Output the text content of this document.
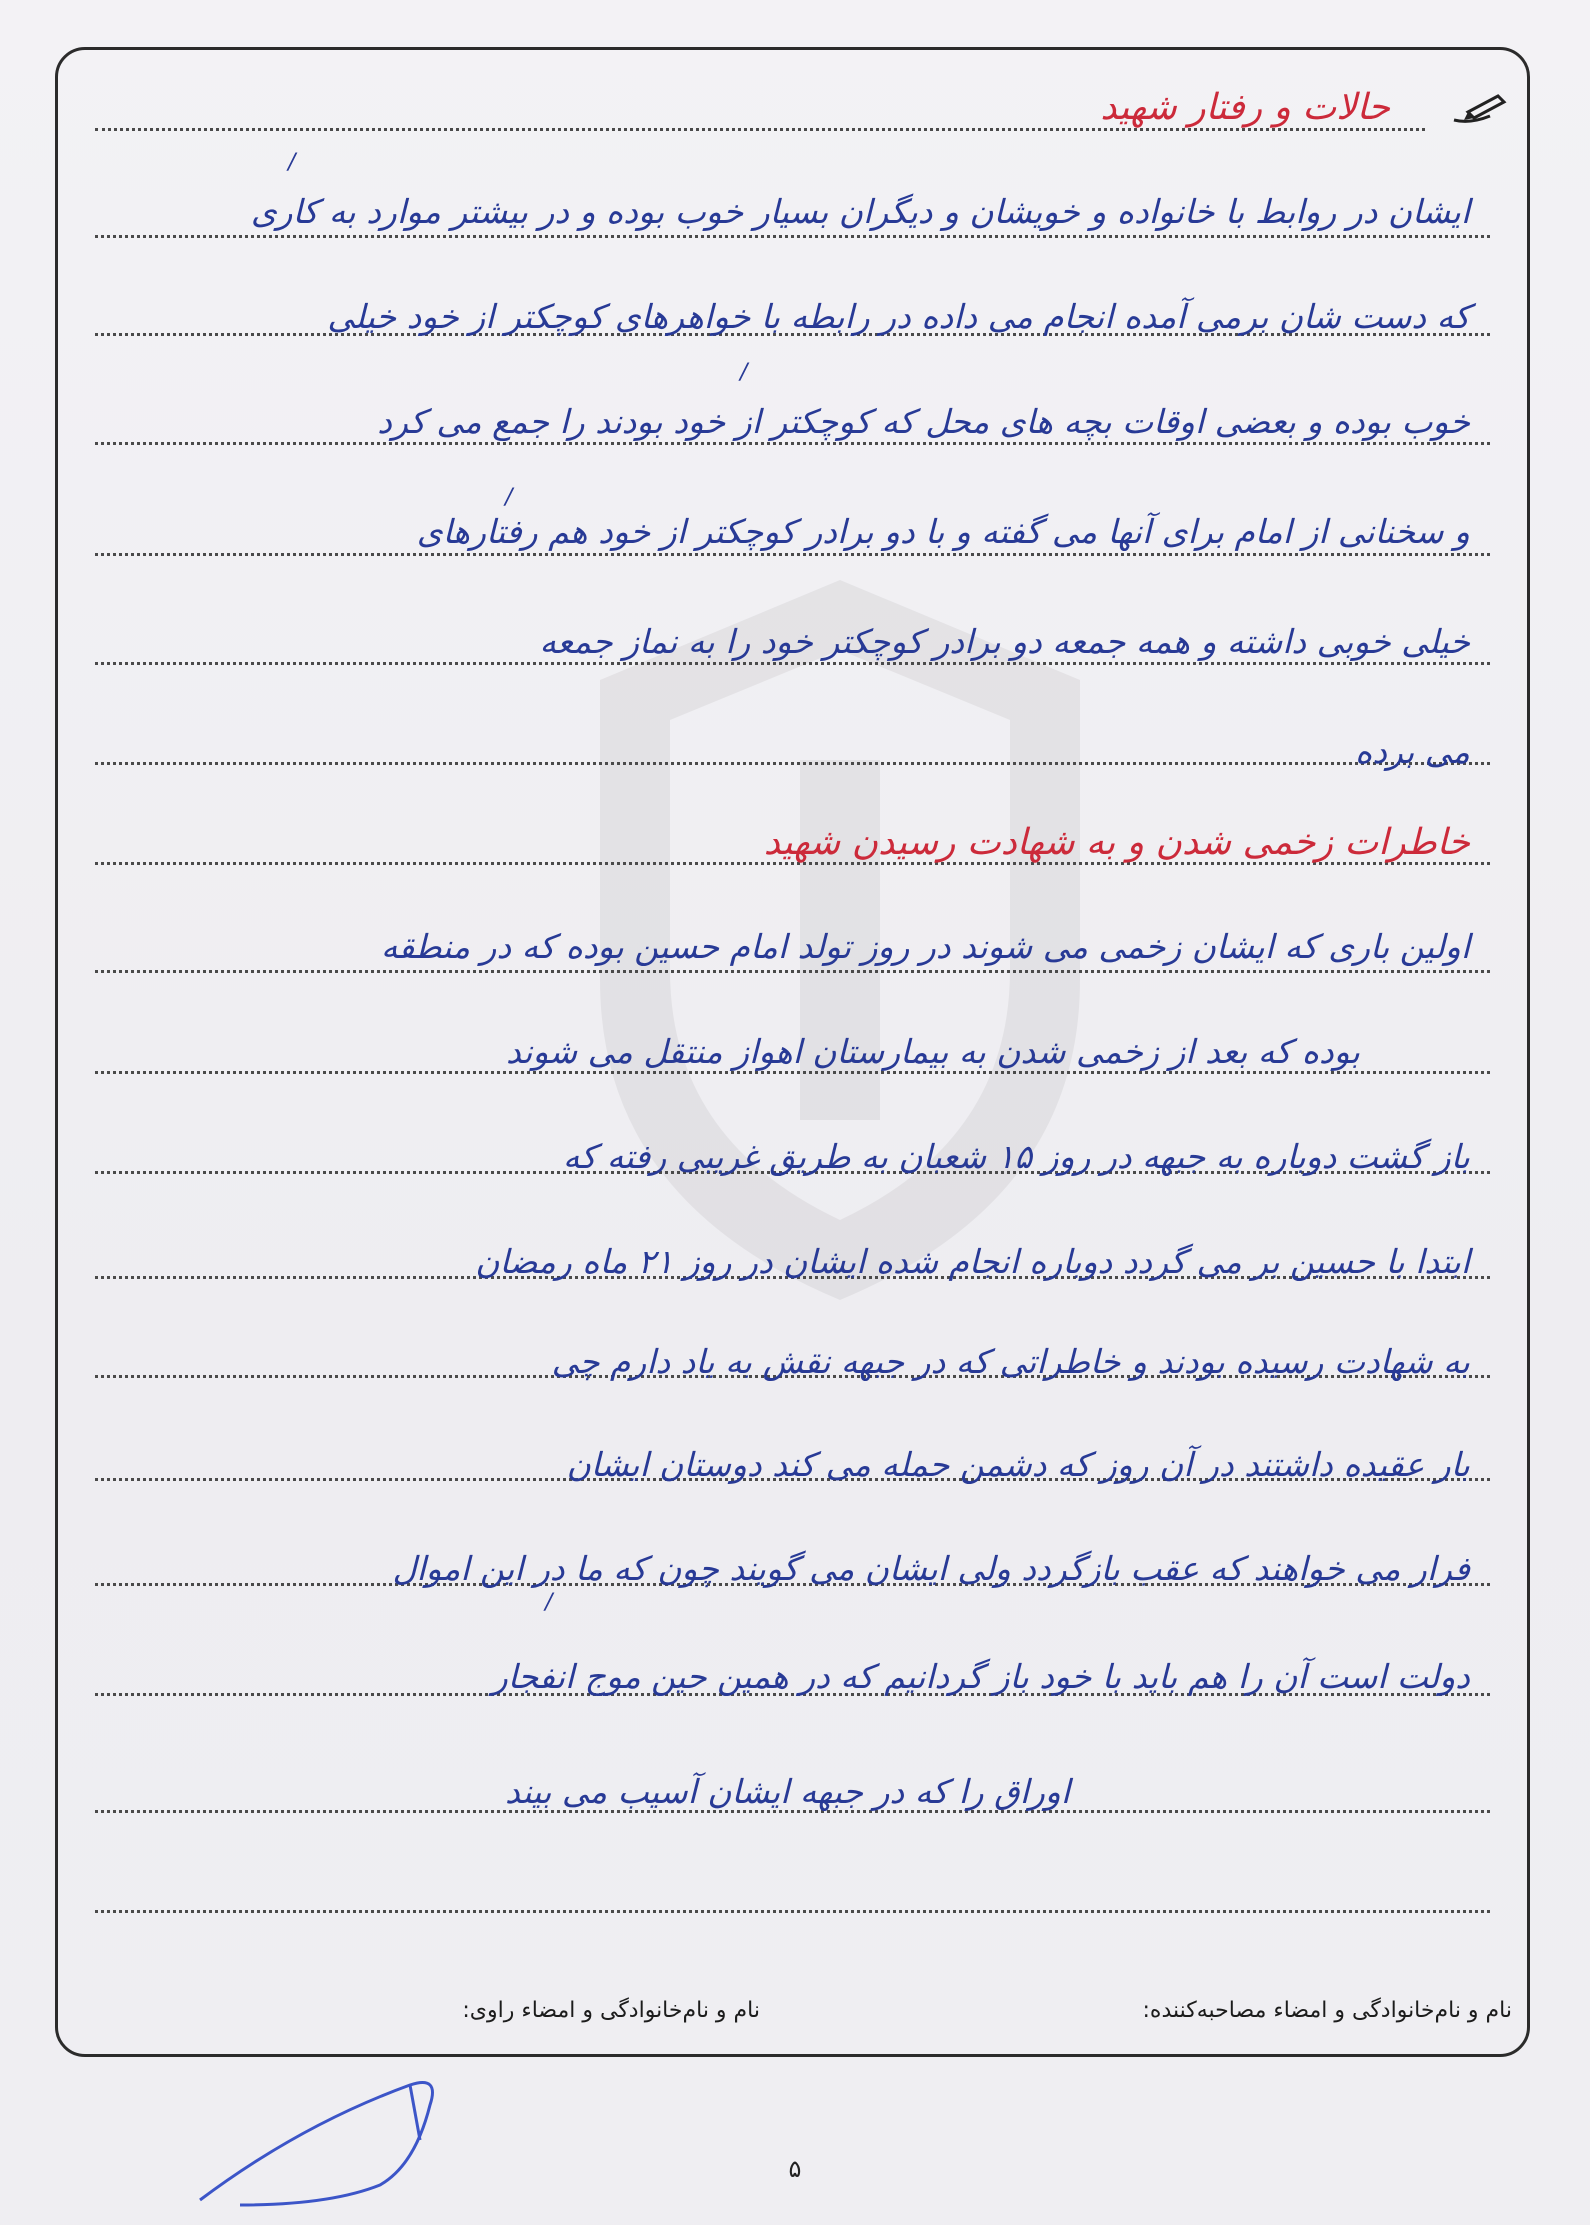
حالات و رفتار شهید
ایشان در روابط با خانواده و خویشان و دیگران بسیار خوب بوده و در بیشتر موارد به کاری
که دست شان برمی آمده انجام می داده در رابطه با خواهرهای کوچکتر از خود خیلی
خوب بوده و بعضی اوقات بچه های محل که کوچکتر از خود بودند را جمع می کرد
و سخنانی از امام برای آنها می گفته و با دو برادر کوچکتر از خود هم رفتارهای
خیلی خوبی داشته و همه جمعه دو برادر کوچکتر خود را به نماز جمعه
می برده
خاطرات زخمی شدن و به شهادت رسیدن شهید
اولین باری که ایشان زخمی می شوند در روز تولد امام حسین بوده که در منطقه
بوده که بعد از زخمی شدن به بیمارستان اهواز منتقل می شوند
باز گشت دوباره به جبهه در روز ۱۵ شعبان به طریق غریبی رفته که
ابتدا با حسین بر می گردد دوباره انجام شده ایشان در روز ۲۱ ماه رمضان
به شهادت رسیده بودند و خاطراتی که در جبهه نقش به یاد دارم چی
بار عقیده داشتند در آن روز که دشمن حمله می کند دوستان ایشان
فرار می خواهند که عقب بازگردد ولی ایشان می گویند چون که ما در این اموال
دولت است آن را هم باید با خود باز گردانیم که در همین حین موج انفجار
اوراق را که در جبهه ایشان آسیب می بیند
/
/
/
/
نام و نام‌خانوادگی و امضاء مصاحبه‌کننده:
نام و نام‌خانوادگی و امضاء راوی:
۵
